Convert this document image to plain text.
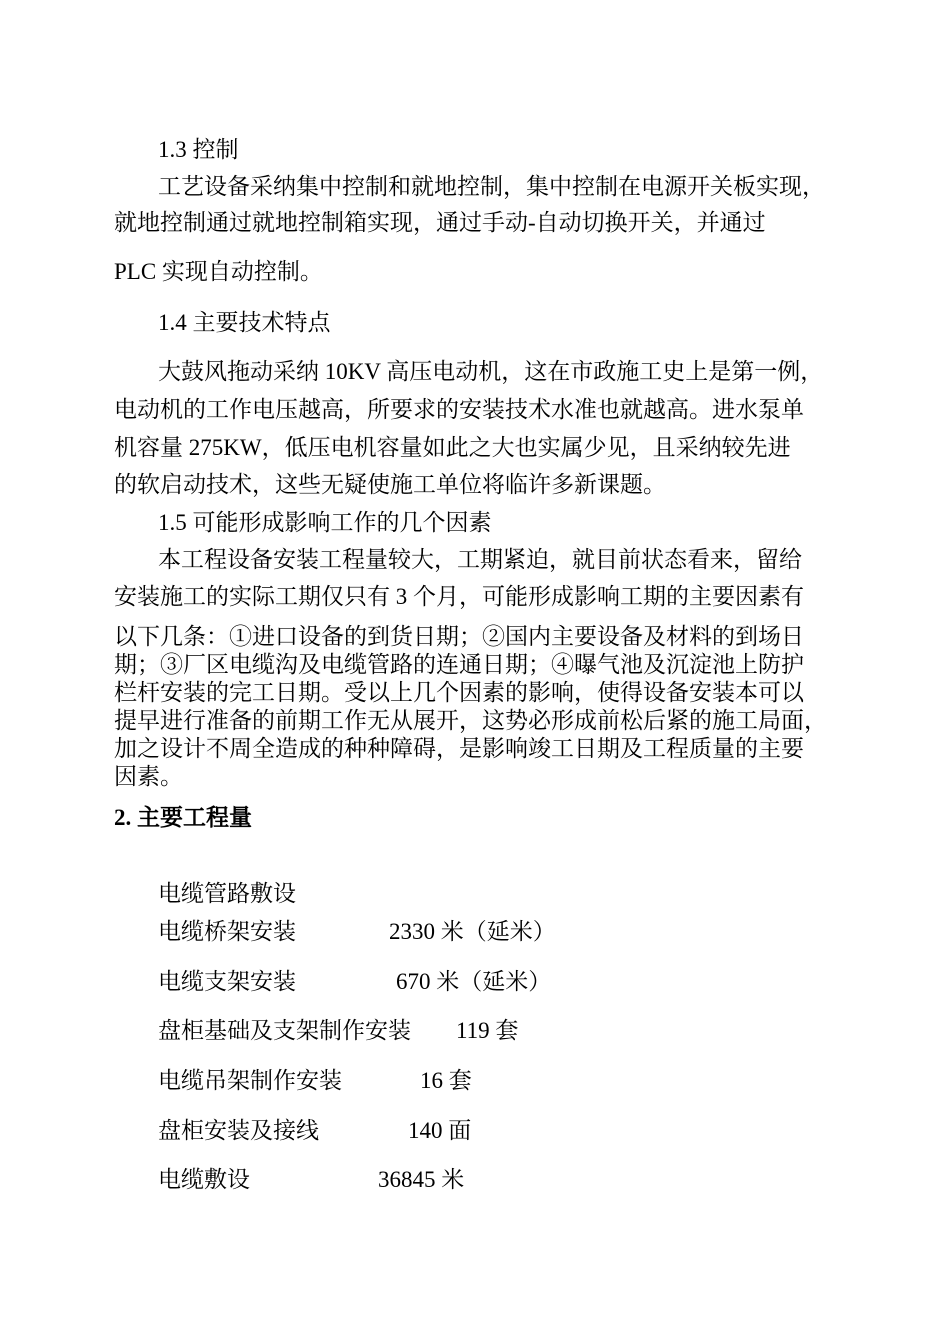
1.3 控制
工艺设备采纳集中控制和就地控制，集中控制在电源开关板实现，
就地控制通过就地控制箱实现，通过手动-自动切换开关，并通过
PLC 实现自动控制。
1.4 主要技术特点
大鼓风拖动采纳 10KV 高压电动机，这在市政施工史上是第一例，
电动机的工作电压越高，所要求的安装技术水准也就越高。进水泵单
机容量 275KW，低压电机容量如此之大也实属少见，且采纳较先进
的软启动技术，这些无疑使施工单位将临许多新课题。
1.5 可能形成影响工作的几个因素
本工程设备安装工程量较大，工期紧迫，就目前状态看来，留给
安装施工的实际工期仅只有 3 个月，可能形成影响工期的主要因素有
以下几条：①进口设备的到货日期；②国内主要设备及材料的到场日
期；③厂区电缆沟及电缆管路的连通日期；④曝气池及沉淀池上防护
栏杆安装的完工日期。受以上几个因素的影响，使得设备安装本可以
提早进行准备的前期工作无从展开，这势必形成前松后紧的施工局面，
加之设计不周全造成的种种障碍，是影响竣工日期及工程质量的主要
因素。
2. 主要工程量
电缆管路敷设
电缆桥架安装	2330 米（延米）
电缆支架安装	670 米（延米）
盘柜基础及支架制作安装 119 套
电缆吊架制作安装	16 套
盘柜安装及接线	140 面
电缆敷设	36845 米
